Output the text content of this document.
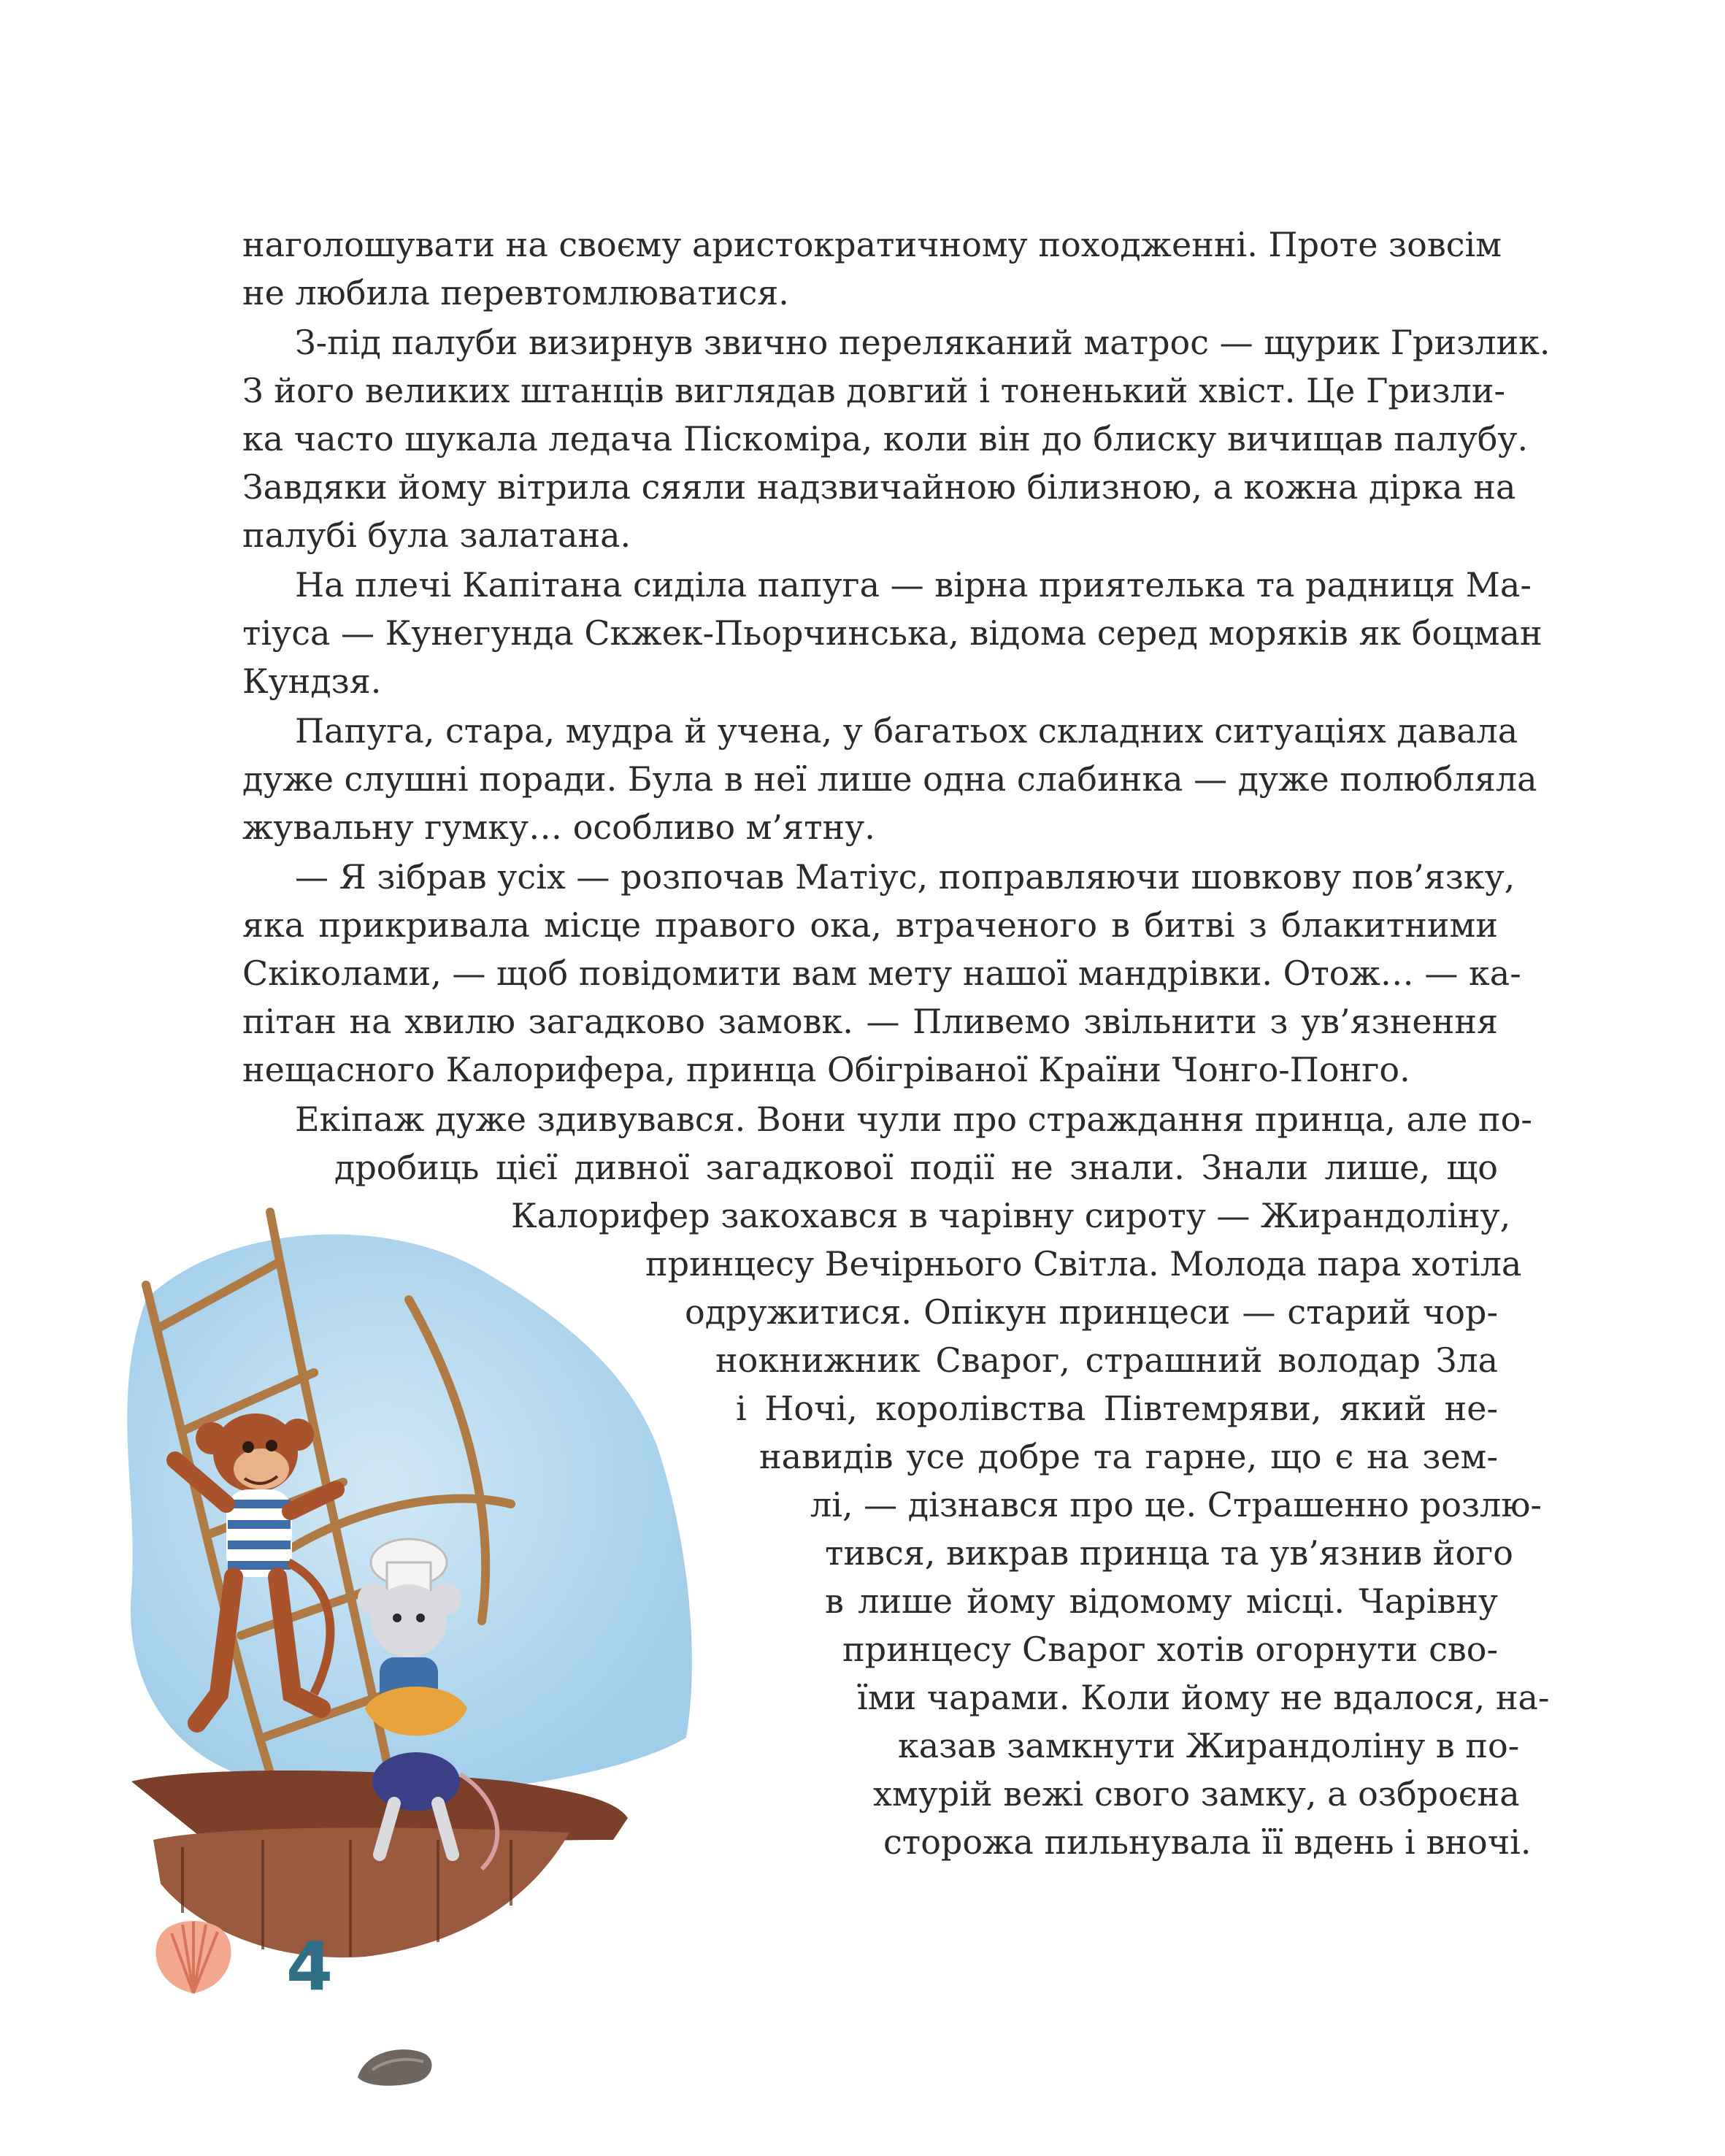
наголошувати на своєму аристократичному походженні. Проте зовсім
не любила перевтомлюватися.
З-під палуби визирнув звично переляканий матрос — щурик Гризлик.
З його великих штанців виглядав довгий і тоненький хвіст. Це Гризли-
ка часто шукала ледача Піскоміра, коли він до блиску вичищав палубу.
Завдяки йому вітрила сяяли надзвичайною білизною, а кожна дірка на
палубі була залатана.
На плечі Капітана сиділа папуга — вірна приятелька та радниця Ма-
тіуса — Кунегунда Скжек-Пьорчинська, відома серед моряків як боцман
Кундзя.
Папуга, стара, мудра й учена, у багатьох складних ситуаціях давала
дуже слушні поради. Була в неї лише одна слабинка — дуже полюбляла
жувальну гумку… особливо м’ятну.
— Я зібрав усіх — розпочав Матіус, поправляючи шовкову пов’язку,
яка прикривала місце правого ока, втраченого в битві з блакитними
Скіколами, — щоб повідомити вам мету нашої мандрівки. Отож… — ка-
пітан на хвилю загадково замовк. — Пливемо звільнити з ув’язнення
нещасного Калорифера, принца Обігріваної Країни Чонго-Понго.
Екіпаж дуже здивувався. Вони чули про страждання принца, але по-
дробиць цієї дивної загадкової події не знали. Знали лише, що
Калорифер закохався в чарівну сироту — Жирандоліну,
принцесу Вечірнього Світла. Молода пара хотіла
одружитися. Опікун принцеси — старий чор-
нокнижник Сварог, страшний володар Зла
і Ночі, королівства Півтемряви, який не-
навидів усе добре та гарне, що є на зем-
лі, — дізнався про це. Страшенно розлю-
тився, викрав принца та ув’язнив його
в лише йому відомому місці. Чарівну
принцесу Сварог хотів огорнути сво-
їми чарами. Коли йому не вдалося, на-
казав замкнути Жирандоліну в по-
хмурій вежі свого замку, а озброєна
сторожа пильнувала її вдень і вночі.
4
